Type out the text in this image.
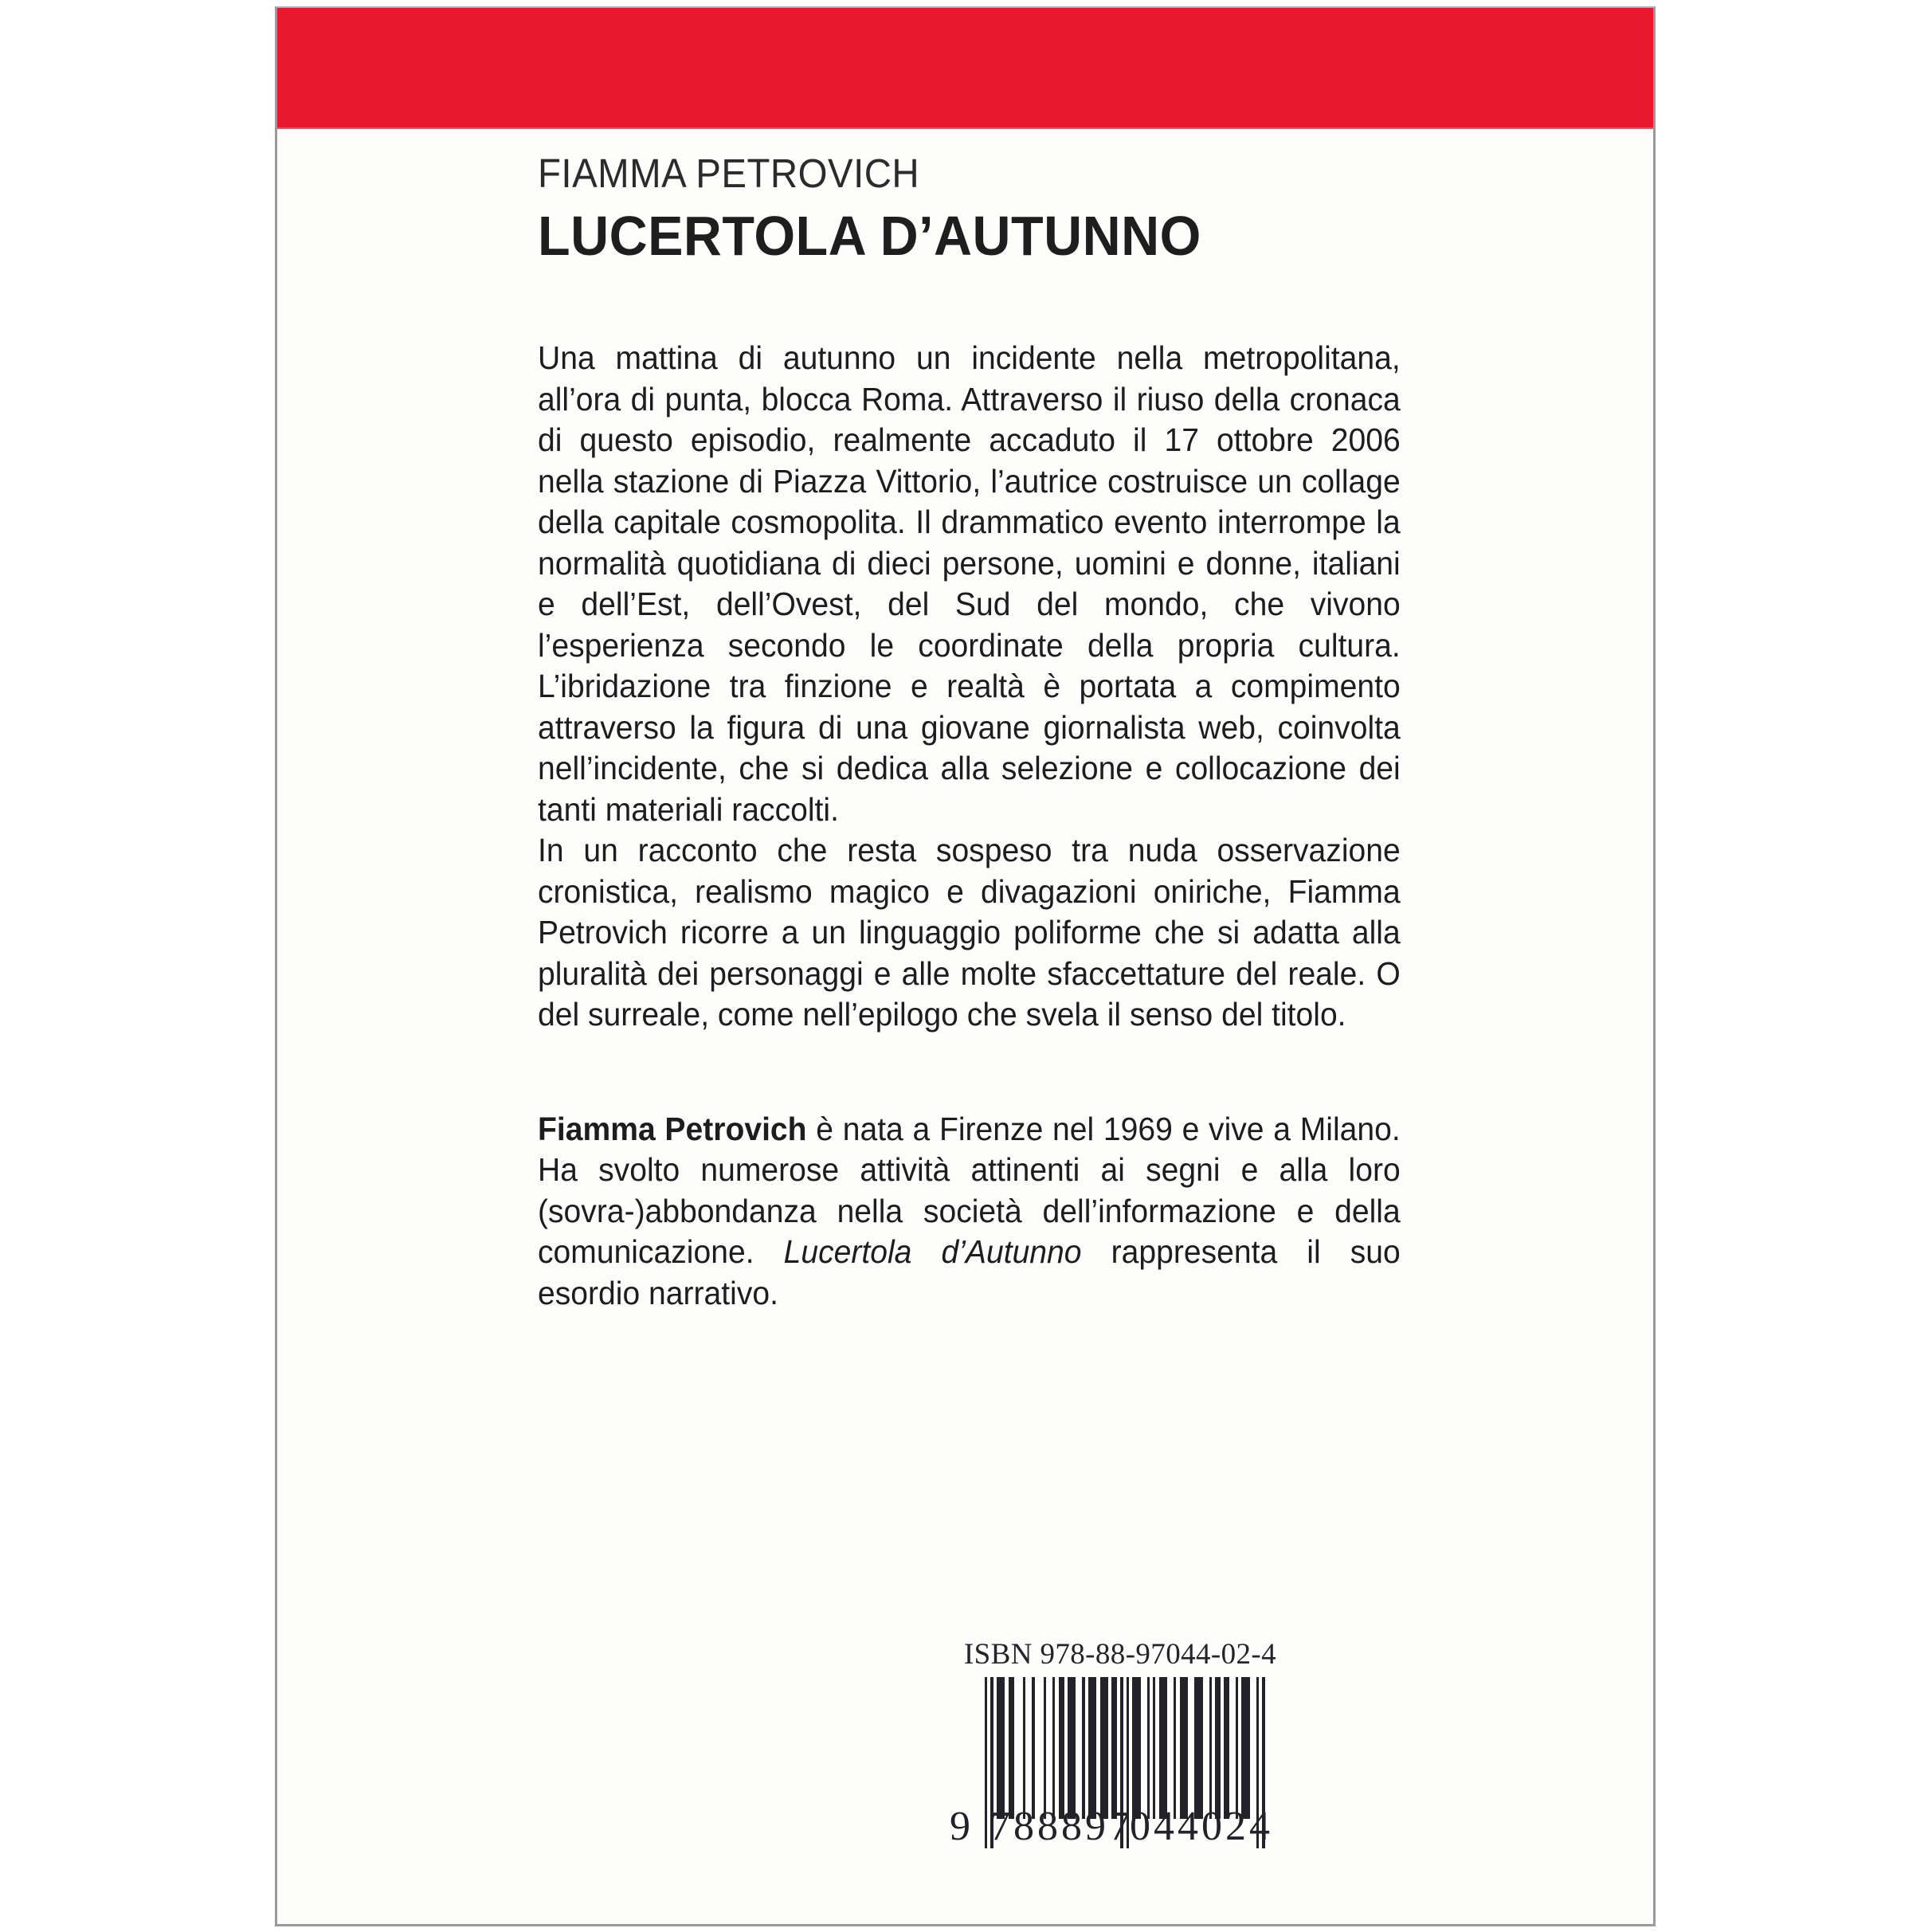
FIAMMA PETROVICH
LUCERTOLA D’AUTUNNO

Una mattina di autunno un incidente nella metropolitana, all’ora di punta, blocca Roma. Attraverso il riuso della cronaca di questo episodio, realmente accaduto il 17 ottobre 2006 nella stazione di Piazza Vittorio, l’autrice costruisce un collage della capitale cosmopolita. Il drammatico evento interrompe la normalità quotidiana di dieci persone, uomini e donne, italiani e dell’Est, dell’Ovest, del Sud del mondo, che vivono l’esperienza secondo le coordinate della propria cultura. L’ibridazione tra finzione e realtà è portata a compimento attraverso la figura di una giovane giornalista web, coinvolta nell’incidente, che si dedica alla selezione e collocazione dei tanti materiali raccolti.

In un racconto che resta sospeso tra nuda osservazione cronistica, realismo magico e divagazioni oniriche, Fiamma Petrovich ricorre a un linguaggio poliforme che si adatta alla pluralità dei personaggi e alle molte sfaccettature del reale. O del surreale, come nell’epilogo che svela il senso del titolo.

Fiamma Petrovich è nata a Firenze nel 1969 e vive a Milano. Ha svolto numerose attività attinenti ai segni e alla loro (sovra-)abbondanza nella società dell’informazione e della comunicazione. Lucertola d’Autunno rappresenta il suo esordio narrativo.

ISBN 978-88-97044-02-4
9 788897
044024
